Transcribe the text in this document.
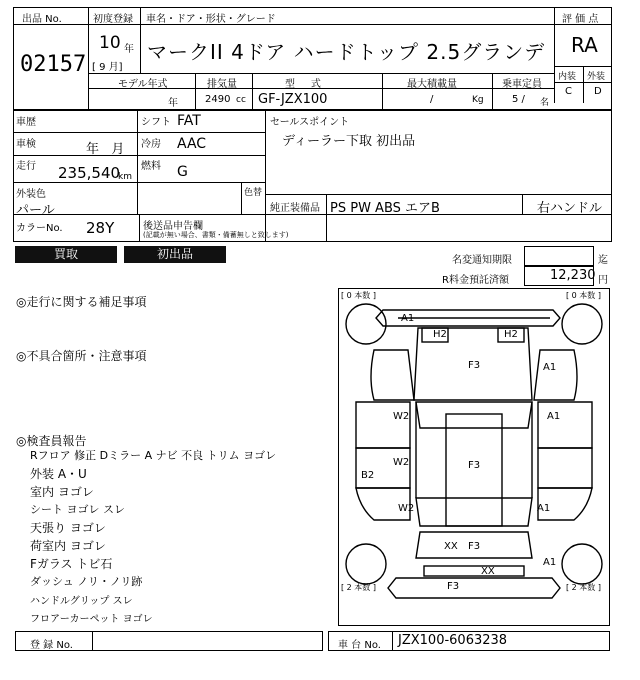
出品 No.
02157
初度登録 車名・ドア・形状・グレード
10 年
[ 9 月]
マークII 4ドア ハードトップ 2.5グランデ
評 価 点
RA
内装 外装
C D
モデル年式	排気量	型     式	最大積載量	乗車定員
年	2490 cc GF-JZX100	/	Kg	5 / 名
車歴
車検	年   月
走行 235,540
km
シフト FAT
冷房 AAC
燃料 G
セールスポイント
ディーラー下取 初出品
外装色
パール
色替
純正装備品 PS PW ABS エアB	右ハンドル
カラーNo. 28Y	後送品申告欄
(記載が無い場合、書類・備蓄無しと致します)
買取	初出品	名変通知期限	迄
R料金預託済額	12,230 円
◎走行に関する補足事項
◎不具合箇所・注意事項
◎検査員報告
Rフロア 修正 Dミラー A ナビ 不良 トリム ヨゴレ
外装 A・U
室内 ヨゴレ
シート ヨゴレ スレ
天張り ヨゴレ
荷室内 ヨゴレ
Fガラス トビ石
ダッシュ ノリ・ノリ跡
ハンドルグリップ スレ
フロアーカーペット ヨゴレ
[ 0 本数 ]	[ 0 本数 ]
[ 2 本数 ]	[ 2 本数 ]
A1
H2	H2
F3	A1
W2	A1
F3
W2
B2
W2	A1
XX F3
XX
F3
A1
登 録 No.	車 台 No. JZX100-6063238
